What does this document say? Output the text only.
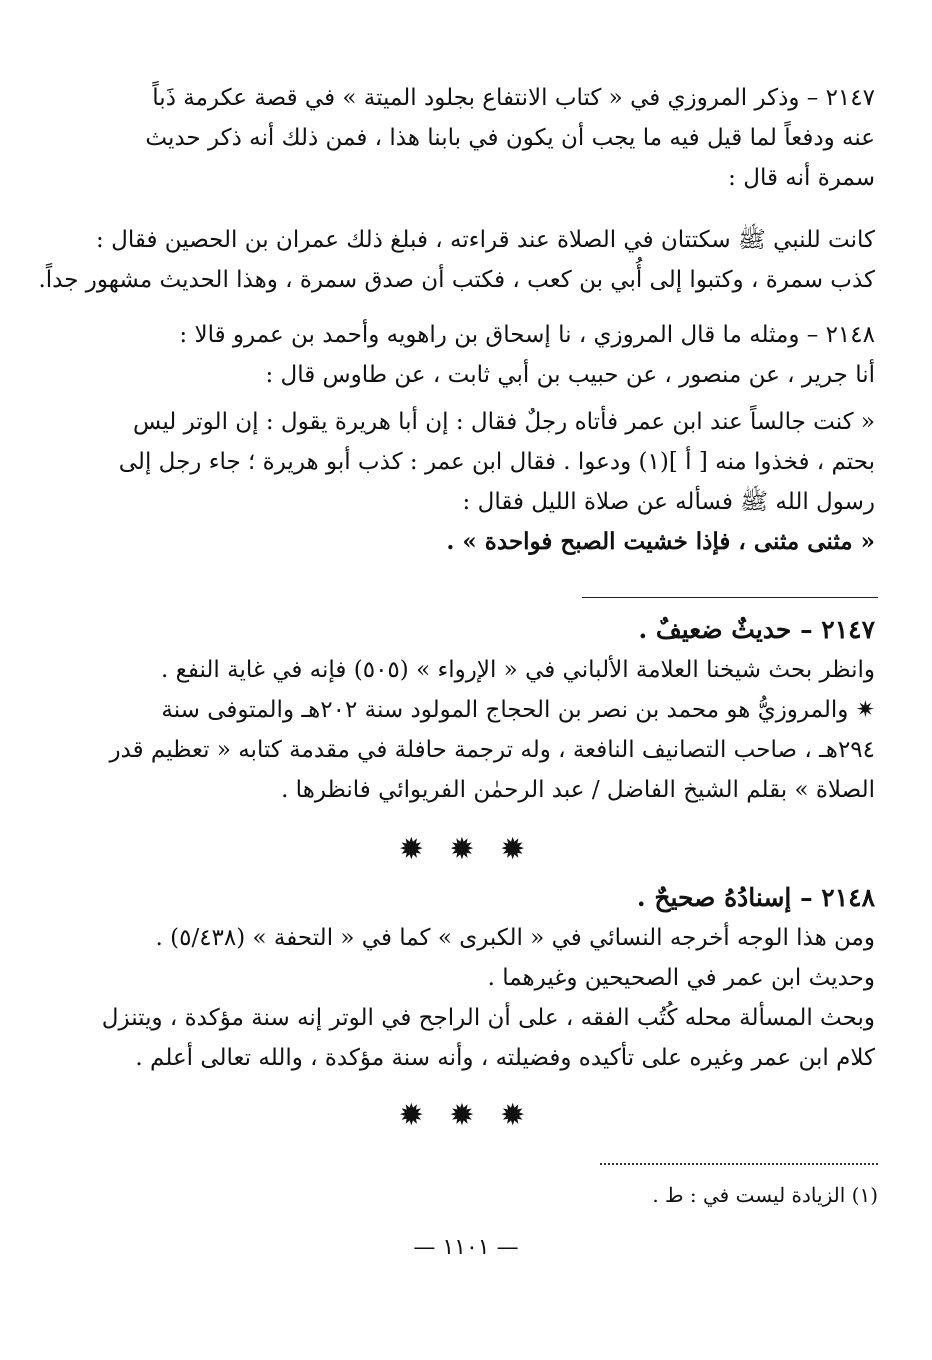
٢١٤٧ – وذكر المروزي في « كتاب الانتفاع بجلود الميتة » في قصة عكرمة ذَباً
عنه ودفعاً لما قيل فيه ما يجب أن يكون في بابنا هذا ، فمن ذلك أنه ذكر حديث
سمرة أنه قال :
كانت للنبي ﷺ سكتتان في الصلاة عند قراءته ، فبلغ ذلك عمران بن الحصين فقال :
كذب سمرة ، وكتبوا إلى أُبي بن كعب ، فكتب أن صدق سمرة ، وهذا الحديث مشهور جداً.
٢١٤٨ – ومثله ما قال المروزي ، نا إسحاق بن راهويه وأحمد بن عمرو قالا :
أنا جرير ، عن منصور ، عن حبيب بن أبي ثابت ، عن طاوس قال :
« كنت جالساً عند ابن عمر فأتاه رجلٌ فقال : إن أبا هريرة يقول : إن الوتر ليس
بحتم ، فخذوا منه [ أ ](١) ودعوا . فقال ابن عمر : كذب أبو هريرة ؛ جاء رجل إلى
رسول الله ﷺ فسأله عن صلاة الليل فقال :
« مثنى مثنى ، فإذا خشيت الصبح فواحدة » .
٢١٤٧ – حديثٌ ضعيفٌ .
وانظر بحث شيخنا العلامة الألباني في « الإرواء » (٥٠٥) فإنه في غاية النفع .
✷ والمروزيُّ هو محمد بن نصر بن الحجاج المولود سنة ٢٠٢هـ والمتوفى سنة
٢٩٤هـ ، صاحب التصانيف النافعة ، وله ترجمة حافلة في مقدمة كتابه « تعظيم قدر
الصلاة » بقلم الشيخ الفاضل / عبد الرحمٰن الفريوائي فانظرها .
✹ ✹ ✹
٢١٤٨ – إسنادُهُ صحيحٌ .
ومن هذا الوجه أخرجه النسائي في « الكبرى » كما في « التحفة » (٥/٤٣٨) .
وحديث ابن عمر في الصحيحين وغيرهما .
وبحث المسألة محله كُتُب الفقه ، على أن الراجح في الوتر إنه سنة مؤكدة ، ويتنزل
كلام ابن عمر وغيره على تأكيده وفضيلته ، وأنه سنة مؤكدة ، والله تعالى أعلم .
✹ ✹ ✹
(١) الزيادة ليست في : ط .
— ١١٠١ —
